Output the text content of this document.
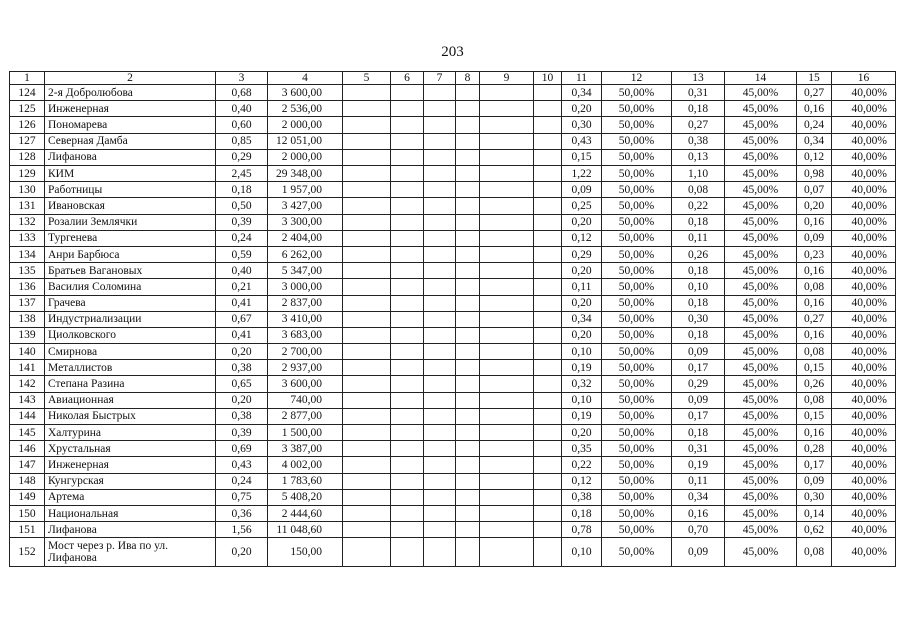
203
1	2	3	4	5	6	7	8	9	10	11	12	13	14	15	16
124	2-я Добролюбова	0,68	3 600,00							0,34	50,00%	0,31	45,00%	0,27	40,00%
125	Инженерная	0,40	2 536,00							0,20	50,00%	0,18	45,00%	0,16	40,00%
126	Пономарева	0,60	2 000,00							0,30	50,00%	0,27	45,00%	0,24	40,00%
127	Северная Дамба	0,85	12 051,00							0,43	50,00%	0,38	45,00%	0,34	40,00%
128	Лифанова	0,29	2 000,00							0,15	50,00%	0,13	45,00%	0,12	40,00%
129	КИМ	2,45	29 348,00							1,22	50,00%	1,10	45,00%	0,98	40,00%
130	Работницы	0,18	1 957,00							0,09	50,00%	0,08	45,00%	0,07	40,00%
131	Ивановская	0,50	3 427,00							0,25	50,00%	0,22	45,00%	0,20	40,00%
132	Розалии Землячки	0,39	3 300,00							0,20	50,00%	0,18	45,00%	0,16	40,00%
133	Тургенева	0,24	2 404,00							0,12	50,00%	0,11	45,00%	0,09	40,00%
134	Анри Барбюса	0,59	6 262,00							0,29	50,00%	0,26	45,00%	0,23	40,00%
135	Братьев Вагановых	0,40	5 347,00							0,20	50,00%	0,18	45,00%	0,16	40,00%
136	Василия Соломина	0,21	3 000,00							0,11	50,00%	0,10	45,00%	0,08	40,00%
137	Грачева	0,41	2 837,00							0,20	50,00%	0,18	45,00%	0,16	40,00%
138	Индустриализации	0,67	3 410,00							0,34	50,00%	0,30	45,00%	0,27	40,00%
139	Циолковского	0,41	3 683,00							0,20	50,00%	0,18	45,00%	0,16	40,00%
140	Смирнова	0,20	2 700,00							0,10	50,00%	0,09	45,00%	0,08	40,00%
141	Металлистов	0,38	2 937,00							0,19	50,00%	0,17	45,00%	0,15	40,00%
142	Степана Разина	0,65	3 600,00							0,32	50,00%	0,29	45,00%	0,26	40,00%
143	Авиационная	0,20	740,00							0,10	50,00%	0,09	45,00%	0,08	40,00%
144	Николая Быстрых	0,38	2 877,00							0,19	50,00%	0,17	45,00%	0,15	40,00%
145	Халтурина	0,39	1 500,00							0,20	50,00%	0,18	45,00%	0,16	40,00%
146	Хрустальная	0,69	3 387,00							0,35	50,00%	0,31	45,00%	0,28	40,00%
147	Инженерная	0,43	4 002,00							0,22	50,00%	0,19	45,00%	0,17	40,00%
148	Кунгурская	0,24	1 783,60							0,12	50,00%	0,11	45,00%	0,09	40,00%
149	Артема	0,75	5 408,20							0,38	50,00%	0,34	45,00%	0,30	40,00%
150	Национальная	0,36	2 444,60							0,18	50,00%	0,16	45,00%	0,14	40,00%
151	Лифанова	1,56	11 048,60							0,78	50,00%	0,70	45,00%	0,62	40,00%
152	Мост через р. Ива по ул. Лифанова	0,20	150,00							0,10	50,00%	0,09	45,00%	0,08	40,00%
